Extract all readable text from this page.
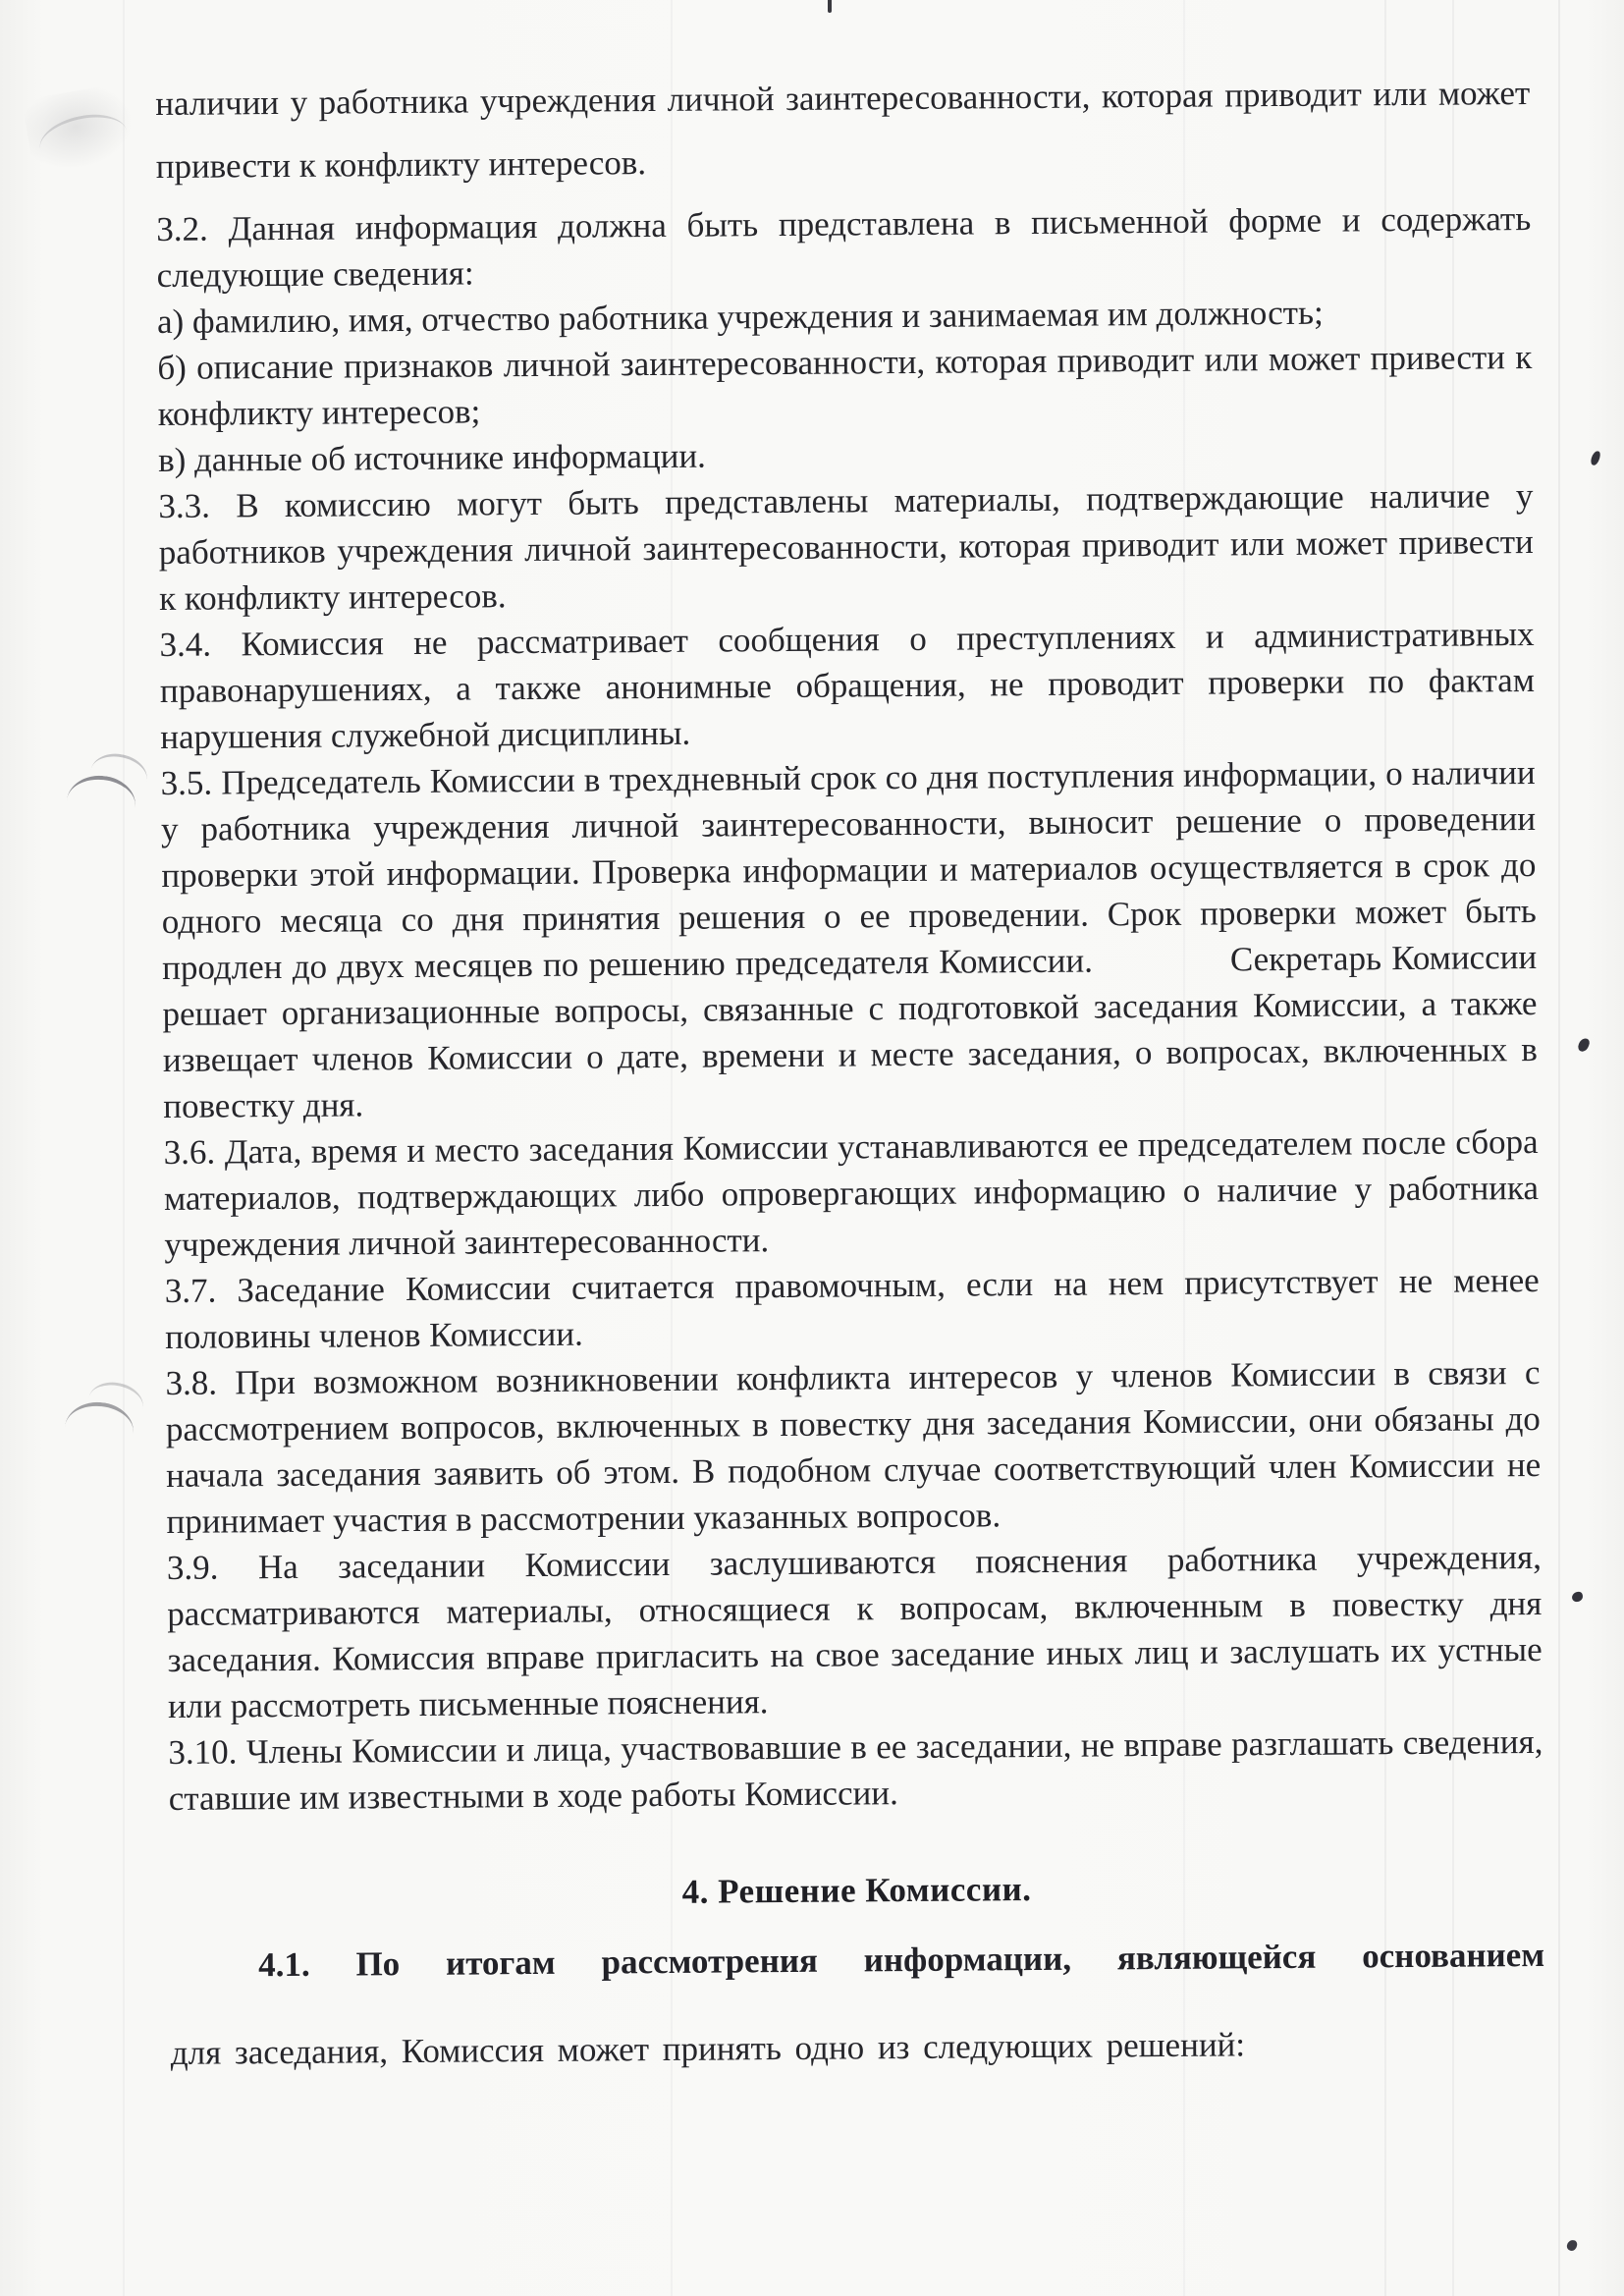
наличии у работника учреждения личной заинтересованности, которая приводит или может привести к конфликту интересов.

3.2. Данная информация должна быть представлена в письменной форме и содержать следующие сведения:

а) фамилию, имя, отчество работника учреждения и занимаемая им должность;

б) описание признаков личной заинтересованности, которая приводит или может привести к конфликту интересов;

в) данные об источнике информации.

3.3. В комиссию могут быть представлены материалы, подтверждающие наличие у работников учреждения личной заинтересованности, которая приводит или может привести к конфликту интересов.

3.4. Комиссия не рассматривает сообщения о преступлениях и административных правонарушениях, а также анонимные обращения, не проводит проверки по фактам нарушения служебной дисциплины.

3.5. Председатель Комиссии в трехдневный срок со дня поступления информации, о наличии у работника учреждения личной заинтересованности, выносит решение о проведении проверки этой информации. Проверка информации и материалов осуществляется в срок до одного месяца со дня принятия решения о ее проведении. Срок проверки может быть продлен до двух месяцев по решению председателя Комиссии.    Секретарь Комиссии решает организационные вопросы, связанные с подготовкой заседания Комиссии, а также извещает членов Комиссии о дате, времени и месте заседания, о вопросах, включенных в повестку дня.

3.6. Дата, время и место заседания Комиссии устанавливаются ее председателем после сбора материалов, подтверждающих либо опровергающих информацию о наличие у работника учреждения личной заинтересованности.

3.7. Заседание Комиссии считается правомочным, если на нем присутствует не менее половины членов Комиссии.

3.8. При возможном возникновении конфликта интересов у членов Комиссии в связи с рассмотрением вопросов, включенных в повестку дня заседания Комиссии, они обязаны до начала заседания заявить об этом. В подобном случае соответствующий член Комиссии не принимает участия в рассмотрении указанных вопросов.

3.9. На заседании Комиссии заслушиваются пояснения работника учреждения, рассматриваются материалы, относящиеся к вопросам, включенным в повестку дня заседания. Комиссия вправе пригласить на свое заседание иных лиц и заслушать их устные или рассмотреть письменные пояснения.

3.10. Члены Комиссии и лица, участвовавшие в ее заседании, не вправе разглашать сведения, ставшие им известными в ходе работы Комиссии.

4. Решение Комиссии.

4.1. По итогам рассмотрения информации, являющейся основанием

для заседания, Комиссия может принять одно из следующих решений:
